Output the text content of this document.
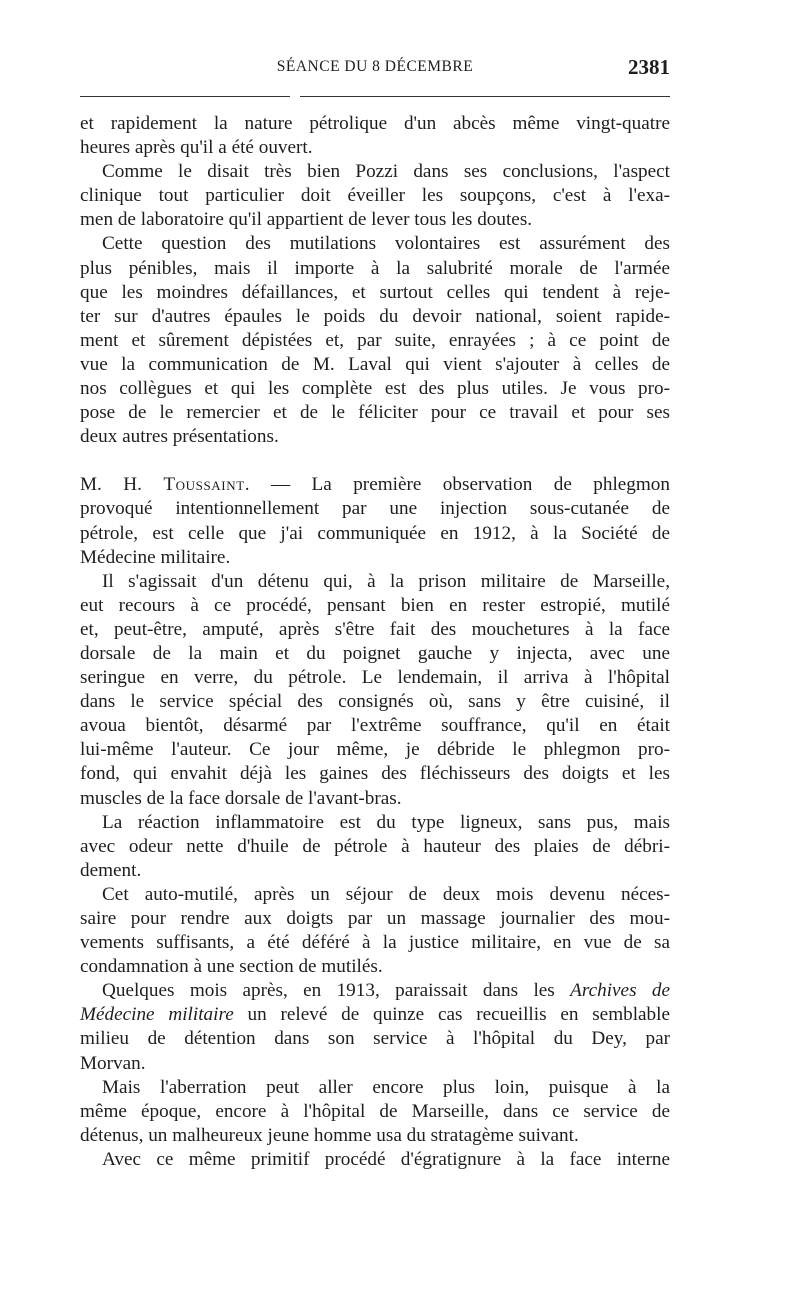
SÉANCE DU 8 DÉCEMBRE	2381

et rapidement la nature pétrolique d'un abcès même vingt-quatre

heures après qu'il a été ouvert.

Comme le disait très bien Pozzi dans ses conclusions, l'aspect

clinique tout particulier doit éveiller les soupçons, c'est à l'exa-

men de laboratoire qu'il appartient de lever tous les doutes.

Cette question des mutilations volontaires est assurément des

plus pénibles, mais il importe à la salubrité morale de l'armée

que les moindres défaillances, et surtout celles qui tendent à reje-

ter sur d'autres épaules le poids du devoir national, soient rapide-

ment et sûrement dépistées et, par suite, enrayées ; à ce point de

vue la communication de M. Laval qui vient s'ajouter à celles de

nos collègues et qui les complète est des plus utiles. Je vous pro-

pose de le remercier et de le féliciter pour ce travail et pour ses

deux autres présentations.

M. H. Toussaint. — La première observation de phlegmon

provoqué intentionnellement par une injection sous-cutanée de

pétrole, est celle que j'ai communiquée en 1912, à la Société de

Médecine militaire.

Il s'agissait d'un détenu qui, à la prison militaire de Marseille,

eut recours à ce procédé, pensant bien en rester estropié, mutilé

et, peut-être, amputé, après s'être fait des mouchetures à la face

dorsale de la main et du poignet gauche y injecta, avec une

seringue en verre, du pétrole. Le lendemain, il arriva à l'hôpital

dans le service spécial des consignés où, sans y être cuisiné, il

avoua bientôt, désarmé par l'extrême souffrance, qu'il en était

lui-même l'auteur. Ce jour même, je débride le phlegmon pro-

fond, qui envahit déjà les gaines des fléchisseurs des doigts et les

muscles de la face dorsale de l'avant-bras.

La réaction inflammatoire est du type ligneux, sans pus, mais

avec odeur nette d'huile de pétrole à hauteur des plaies de débri-

dement.

Cet auto-mutilé, après un séjour de deux mois devenu néces-

saire pour rendre aux doigts par un massage journalier des mou-

vements suffisants, a été déféré à la justice militaire, en vue de sa

condamnation à une section de mutilés.

Quelques mois après, en 1913, paraissait dans les Archives de

Médecine militaire un relevé de quinze cas recueillis en semblable

milieu de détention dans son service à l'hôpital du Dey, par

Morvan.

Mais l'aberration peut aller encore plus loin, puisque à la

même époque, encore à l'hôpital de Marseille, dans ce service de

détenus, un malheureux jeune homme usa du stratagème suivant.

Avec ce même primitif procédé d'égratignure à la face interne
